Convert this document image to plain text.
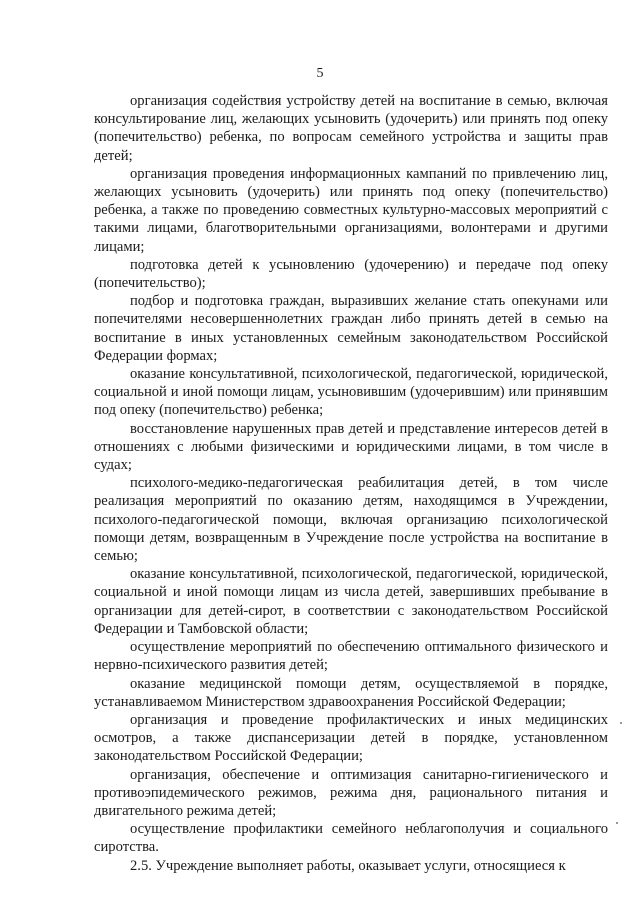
5

организация содействия устройству детей на воспитание в семью, включая консультирование лиц, желающих усыновить (удочерить) или принять под опеку (попечительство) ребенка, по вопросам семейного устройства и защиты прав детей;

организация проведения информационных кампаний по привлечению лиц, желающих усыновить (удочерить) или принять под опеку (попечительство) ребенка, а также по проведению совместных культурно-массовых мероприятий с такими лицами, благотворительными организациями, волонтерами и другими лицами;

подготовка детей к усыновлению (удочерению) и передаче под опеку (попечительство);

подбор и подготовка граждан, выразивших желание стать опекунами или попечителями несовершеннолетних граждан либо принять детей в семью на воспитание в иных установленных семейным законодательством Российской Федерации формах;

оказание консультативной, психологической, педагогической, юридической, социальной и иной помощи лицам, усыновившим (удочерившим) или принявшим под опеку (попечительство) ребенка;

восстановление нарушенных прав детей и представление интересов детей в отношениях с любыми физическими и юридическими лицами, в том числе в судах;

психолого-медико-педагогическая реабилитация детей, в том числе реализация мероприятий по оказанию детям, находящимся в Учреждении, психолого-педагогической помощи, включая организацию психологической помощи детям, возвращенным в Учреждение после устройства на воспитание в семью;

оказание консультативной, психологической, педагогической, юридической, социальной и иной помощи лицам из числа детей, завершивших пребывание в организации для детей-сирот, в соответствии с законодательством Российской Федерации и Тамбовской области;

осуществление мероприятий по обеспечению оптимального физического и нервно-психического развития детей;

оказание медицинской помощи детям, осуществляемой в порядке, устанавливаемом Министерством здравоохранения Российской Федерации;

организация и проведение профилактических и иных медицинских осмотров, а также диспансеризации детей в порядке, установленном законодательством Российской Федерации;

организация, обеспечение и оптимизация санитарно-гигиенического и противоэпидемического режимов, режима дня, рационального питания и двигательного режима детей;

осуществление профилактики семейного неблагополучия и социального сиротства.

2.5. Учреждение выполняет работы, оказывает услуги, относящиеся к
